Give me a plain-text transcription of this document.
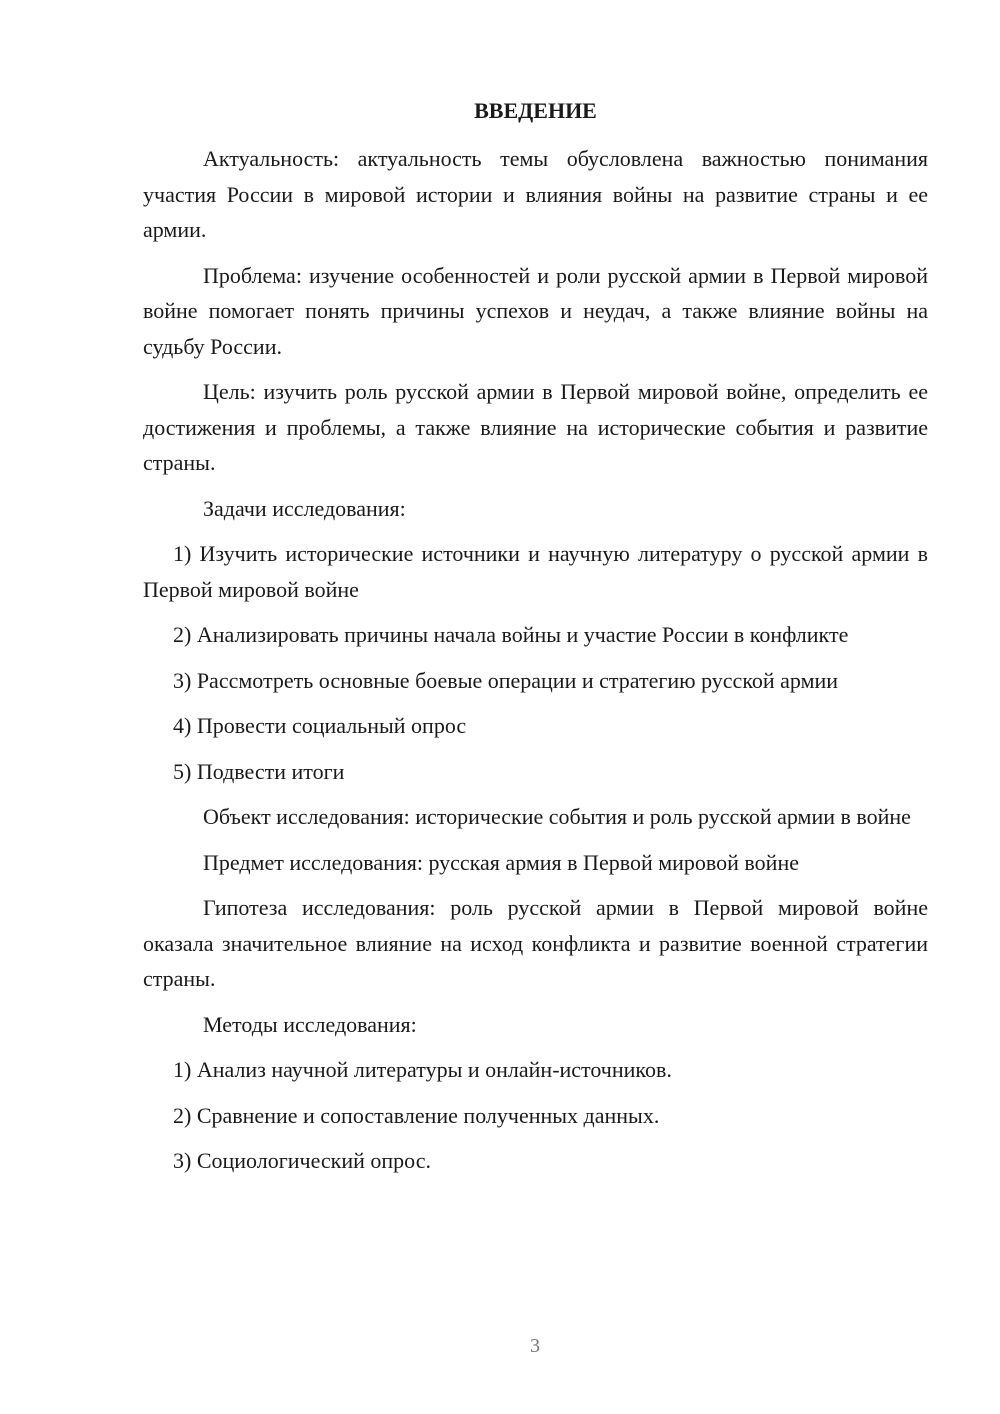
ВВЕДЕНИЕ

Актуальность: актуальность темы обусловлена важностью понимания участия России в мировой истории и влияния войны на развитие страны и ее армии.

Проблема: изучение особенностей и роли русской армии в Первой мировой войне помогает понять причины успехов и неудач, а также влияние войны на судьбу России.

Цель: изучить роль русской армии в Первой мировой войне, определить ее достижения и проблемы, а также влияние на исторические события и развитие страны.

Задачи исследования:

1) Изучить исторические источники и научную литературу о русской армии в Первой мировой войне

2) Анализировать причины начала войны и участие России в конфликте

3) Рассмотреть основные боевые операции и стратегию русской армии

4) Провести социальный опрос

5) Подвести итоги

Объект исследования: исторические события и роль русской армии в войне

Предмет исследования: русская армия в Первой мировой войне

Гипотеза исследования: роль русской армии в Первой мировой войне оказала значительное влияние на исход конфликта и развитие военной стратегии страны.

Методы исследования:

1) Анализ научной литературы и онлайн-источников.

2) Сравнение и сопоставление полученных данных.

3) Социологический опрос.

3
